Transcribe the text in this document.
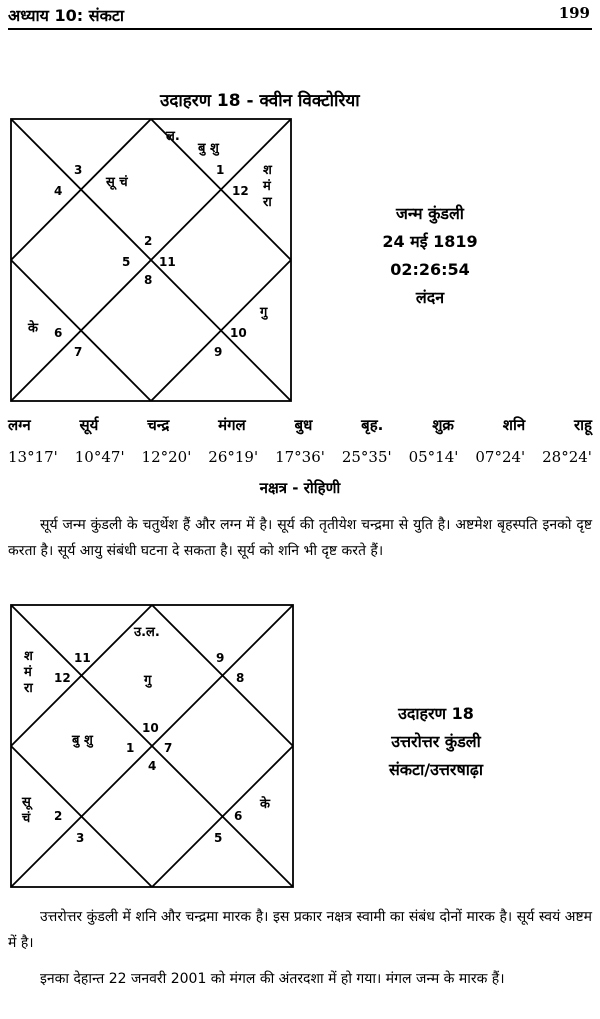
अध्याय 10: संकटा	199
उदाहरण 18 - क्वीन विक्टोरिया
3
4
1
12
2
5 11
8
6
7
10
9
ल.
बु शु
श
मं
रा
सू चं
के
गु
जन्म कुंडली
24 मई 1819
02:26:54
लंदन
लग्न	सूर्य	चन्द्र	मंगल	बुध	बृह.	शुक्र	शनि	राहू
13°17' 10°47' 12°20' 26°19' 17°36' 25°35' 05°14' 07°24' 28°24'
नक्षत्र - रोहिणी
सूर्य जन्म कुंडली के चतुर्थेश हैं और लग्न में है। सूर्य की तृतीयेश चन्द्रमा से युति है। अष्टमेश बृहस्पति इनको दृष्ट करता है। सूर्य आयु संबंधी घटना दे सकता है। सूर्य को शनि भी दृष्ट करते हैं।
11
12
9
8
10
1 7
4
2
3
6
5
उ.ल.
गु
श
मं
रा
बु शु
सू
चं
के
उदाहरण 18
उत्तरोत्तर कुंडली
संकटा/उत्तरषाढ़ा
उत्तरोत्तर कुंडली में शनि और चन्द्रमा मारक है। इस प्रकार नक्षत्र स्वामी का संबंध दोनों मारक है। सूर्य स्वयं अष्टम में है।
इनका देहान्त 22 जनवरी 2001 को मंगल की अंतरदशा में हो गया। मंगल जन्म के मारक हैं।
